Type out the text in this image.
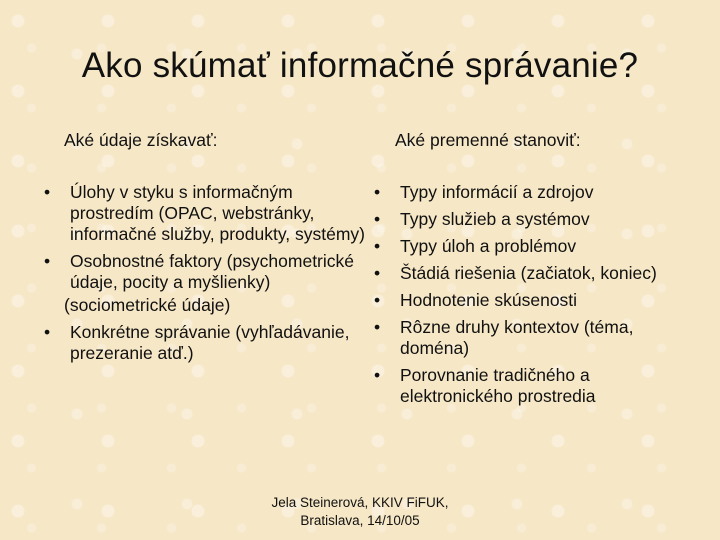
Ako skúmať informačné správanie?
Aké údaje získavať:	Aké premenné stanoviť:
• Úlohy v styku s informačným prostredím (OPAC, webstránky, informačné služby, produkty, systémy)
• Osobnostné faktory (psychometrické údaje, pocity a myšlienky)
(sociometrické údaje)
• Konkrétne správanie (vyhľadávanie, prezeranie atď.)
• Typy informácií a zdrojov
• Typy služieb a systémov
• Typy úloh a problémov
• Štádiá riešenia (začiatok, koniec)
• Hodnotenie skúsenosti
• Rôzne druhy kontextov (téma, doména)
• Porovnanie tradičného a elektronického prostredia
Jela Steinerová, KKIV FiFUK,
Bratislava, 14/10/05
